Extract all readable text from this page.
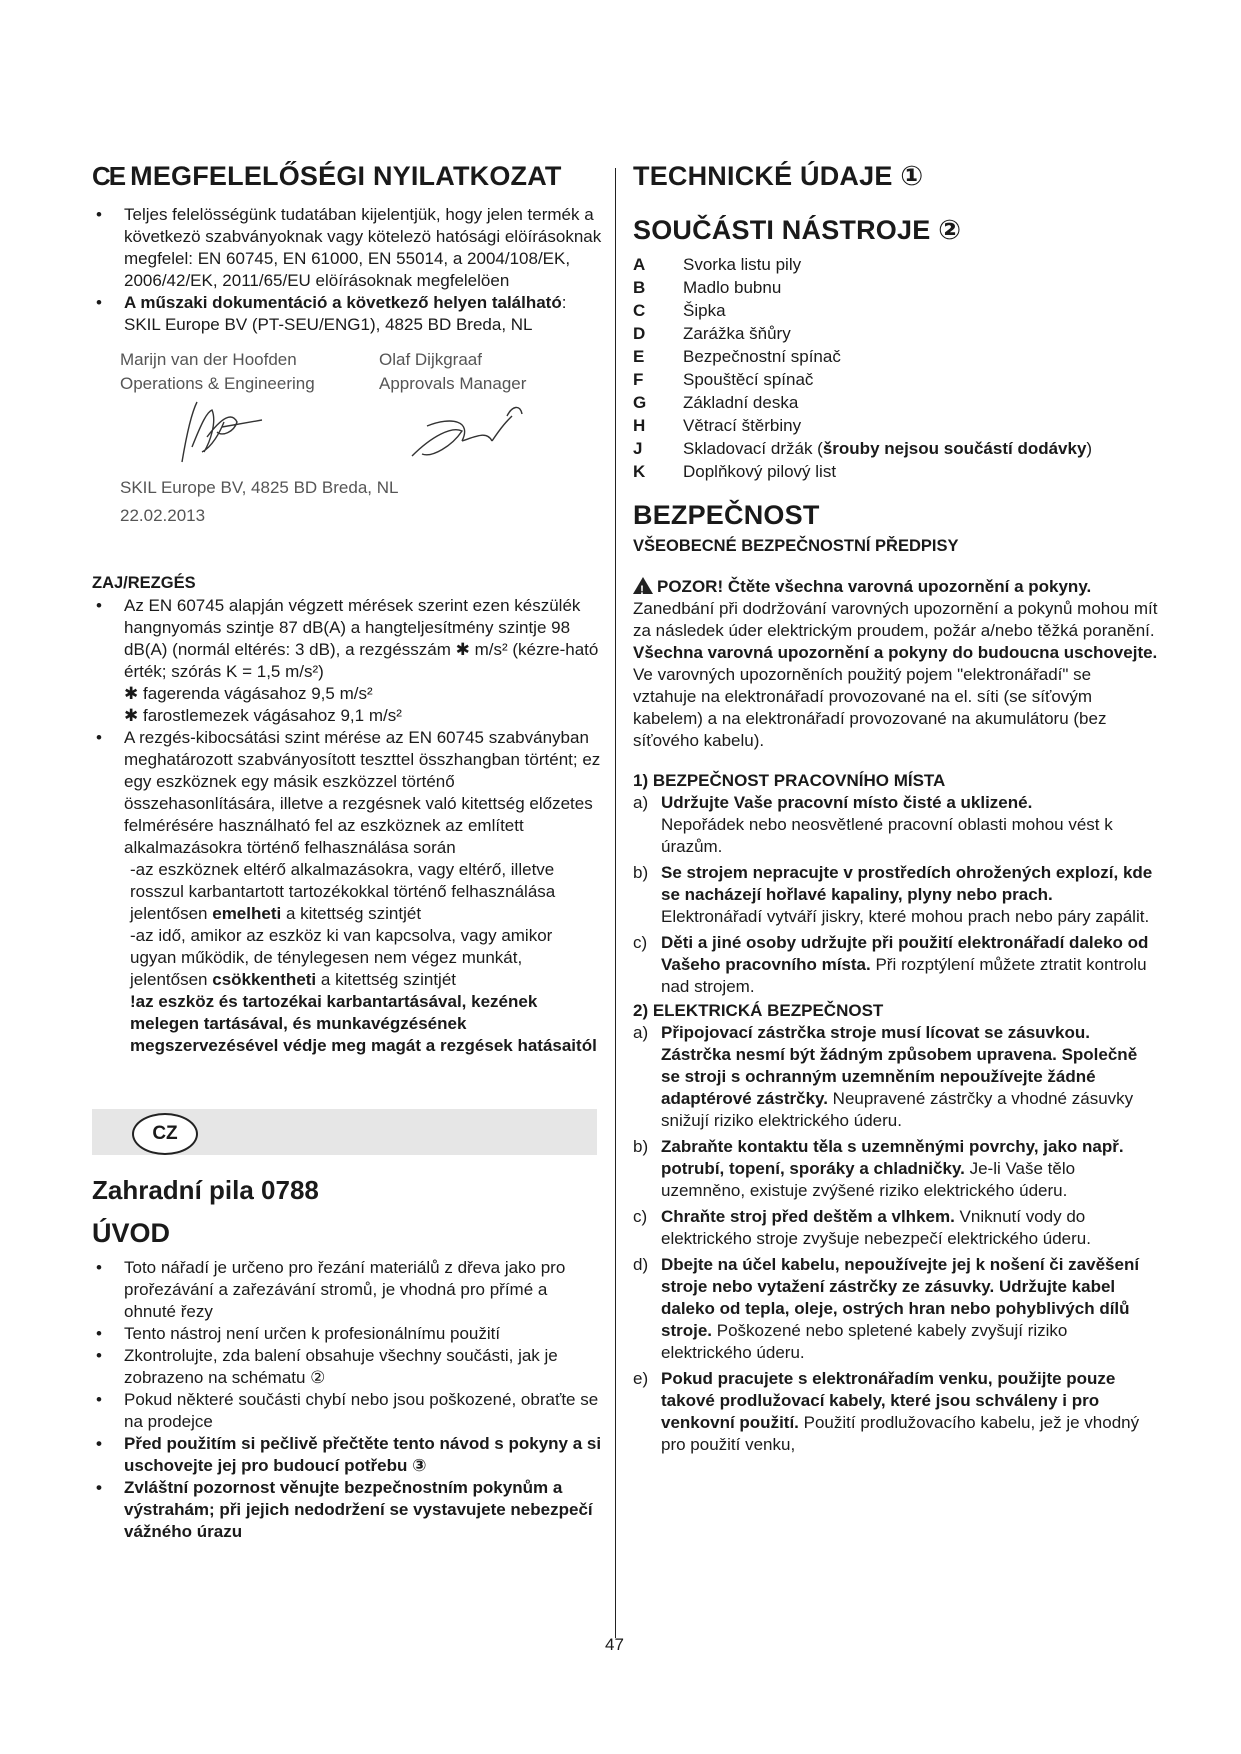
CE MEGFELELŐSÉGI NYILATKOZAT
• Teljes felelösségünk tudatában kijelentjük, hogy jelen termék a következö szabványoknak vagy kötelezö hatósági elöírásoknak megfelel: EN 60745, EN 61000, EN 55014, a 2004/108/EK, 2006/42/EK, 2011/65/EU elöírásoknak megfelelöen
• A műszaki dokumentáció a következő helyen található: SKIL Europe BV (PT-SEU/ENG1), 4825 BD Breda, NL
Marijn van der Hoofden
Operations & Engineering
Olaf Dijkgraaf
Approvals Manager
SKIL Europe BV, 4825 BD Breda, NL
22.02.2013
ZAJ/REZGÉS
• Az EN 60745 alapján végzett mérések szerint ezen készülék hangnyomás szintje 87 dB(A) a hangteljesítmény szintje 98 dB(A) (normál eltérés: 3 dB), a rezgésszám ✱ m/s² (kézre-ható érték; szórás K = 1,5 m/s²)
✱ fagerenda vágásahoz 9,5 m/s²
✱ farostlemezek vágásahoz 9,1 m/s²
• A rezgés-kibocsátási szint mérése az EN 60745 szabványban meghatározott szabványosított teszttel összhangban történt; ez egy eszköznek egy másik eszközzel történő összehasonlítására, illetve a rezgésnek való kitettség előzetes felmérésére használható fel az eszköznek az említett alkalmazásokra történő felhasználása során
-az eszköznek eltérő alkalmazásokra, vagy eltérő, illetve rosszul karbantartott tartozékokkal történő felhasználása jelentősen emelheti a kitettség szintjét
-az idő, amikor az eszköz ki van kapcsolva, vagy amikor ugyan működik, de ténylegesen nem végez munkát, jelentősen csökkentheti a kitettség szintjét
!az eszköz és tartozékai karbantartásával, kezének melegen tartásával, és munkavégzésének megszervezésével védje meg magát a rezgések hatásaitól
CZ
Zahradní pila 0788
ÚVOD
• Toto nářadí je určeno pro řezání materiálů z dřeva jako pro prořezávání a zařezávání stromů, je vhodná pro přímé a ohnuté řezy
• Tento nástroj není určen k profesionálnímu použití
• Zkontrolujte, zda balení obsahuje všechny součásti, jak je zobrazeno na schématu ②
• Pokud některé součásti chybí nebo jsou poškozené, obraťte se na prodejce
• Před použitím si pečlivě přečtěte tento návod s pokyny a si uschovejte jej pro budoucí potřebu ③
• Zvláštní pozornost věnujte bezpečnostním pokynům a výstrahám; při jejich nedodržení se vystavujete nebezpečí vážného úrazu
TECHNICKÉ ÚDAJE ①
SOUČÁSTI NÁSTROJE ②
A	Svorka listu pily
B	Madlo bubnu
C	Šipka
D	Zarážka šňůry
E	Bezpečnostní spínač
F	Spouštěcí spínač
G	Základní deska
H	Větrací štěrbiny
J	Skladovací držák (šrouby nejsou součástí dodávky)
K	Doplňkový pilový list
BEZPEČNOST
VŠEOBECNÉ BEZPEČNOSTNÍ PŘEDPISY

! POZOR! Čtěte všechna varovná upozornění a pokyny. Zanedbání při dodržování varovných upozornění a pokynů mohou mít za následek úder elektrickým proudem, požár a/nebo těžká poranění. Všechna varovná upozornění a pokyny do budoucna uschovejte. Ve varovných upozorněních použitý pojem "elektronářadí" se vztahuje na elektronářadí provozované na el. síti (se síťovým kabelem) a na elektronářadí provozované na akumulátoru (bez síťového kabelu).

1) BEZPEČNOST PRACOVNÍHO MÍSTA
a) Udržujte Vaše pracovní místo čisté a uklizené.
Nepořádek nebo neosvětlené pracovní oblasti mohou vést k úrazům.
b) Se strojem nepracujte v prostředích ohrožených explozí, kde se nacházejí hořlavé kapaliny, plyny nebo prach. Elektronářadí vytváří jiskry, které mohou prach nebo páry zapálit.
c) Děti a jiné osoby udržujte při použití elektronářadí daleko od Vašeho pracovního místa. Při rozptýlení můžete ztratit kontrolu nad strojem.
2) ELEKTRICKÁ BEZPEČNOST
a) Připojovací zástrčka stroje musí lícovat se zásuvkou. Zástrčka nesmí být žádným způsobem upravena. Společně se stroji s ochranným uzemněním nepoužívejte žádné adaptérové zástrčky. Neupravené zástrčky a vhodné zásuvky snižují riziko elektrického úderu.
b) Zabraňte kontaktu těla s uzemněnými povrchy, jako např. potrubí, topení, sporáky a chladničky. Je-li Vaše tělo uzemněno, existuje zvýšené riziko elektrického úderu.
c) Chraňte stroj před deštěm a vlhkem. Vniknutí vody do elektrického stroje zvyšuje nebezpečí elektrického úderu.
d) Dbejte na účel kabelu, nepoužívejte jej k nošení či zavěšení stroje nebo vytažení zástrčky ze zásuvky. Udržujte kabel daleko od tepla, oleje, ostrých hran nebo pohyblivých dílů stroje. Poškozené nebo spletené kabely zvyšují riziko elektrického úderu.
e) Pokud pracujete s elektronářadím venku, použijte pouze takové prodlužovací kabely, které jsou schváleny i pro venkovní použití. Použití prodlužovacího kabelu, jež je vhodný pro použití venku,
47
